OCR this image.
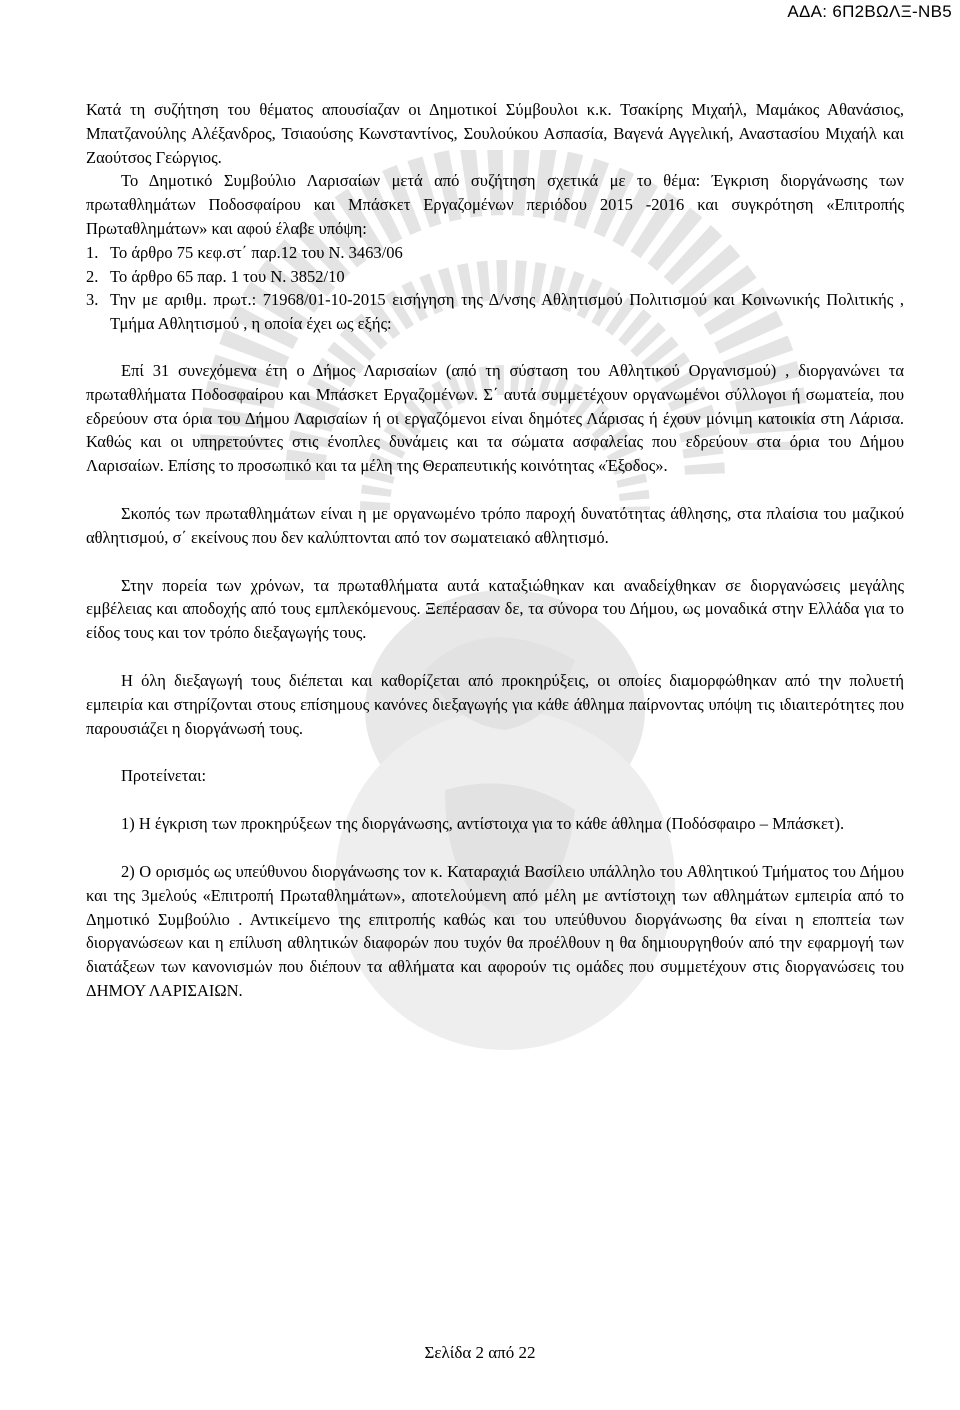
ΑΔΑ: 6Π2ΒΩΛΞ-ΝΒ5

Κατά τη συζήτηση του θέματος απουσίαζαν οι Δημοτικοί Σύμβουλοι κ.κ. Τσακίρης Μιχαήλ, Μαμάκος Αθανάσιος, Μπατζανούλης Αλέξανδρος, Τσιαούσης Κωνσταντίνος, Σουλούκου Ασπασία, Βαγενά Αγγελική, Αναστασίου Μιχαήλ και Ζαούτσος Γεώργιος.

Το Δημοτικό Συμβούλιο Λαρισαίων μετά από συζήτηση σχετικά με το θέμα: Έγκριση διοργάνωσης των πρωταθλημάτων Ποδοσφαίρου και Μπάσκετ Εργαζομένων περιόδου 2015 -2016 και συγκρότηση «Επιτροπής Πρωταθλημάτων» και αφού έλαβε υπόψη:

1. Το άρθρο 75 κεφ.στ΄ παρ.12 του Ν. 3463/06
2. Το άρθρο 65 παρ. 1 του Ν. 3852/10
3. Την με αριθμ. πρωτ.: 71968/01-10-2015 εισήγηση της Δ/νσης Αθλητισμού Πολιτισμού και Κοινωνικής Πολιτικής , Τμήμα Αθλητισμού , η οποία έχει ως εξής:

Επί 31 συνεχόμενα έτη ο Δήμος Λαρισαίων (από τη σύσταση του Αθλητικού Οργανισμού) , διοργανώνει τα πρωταθλήματα Ποδοσφαίρου και Μπάσκετ Εργαζομένων. Σ΄ αυτά συμμετέχουν οργανωμένοι σύλλογοι ή σωματεία, που εδρεύουν στα όρια του Δήμου Λαρισαίων ή οι εργαζόμενοι είναι δημότες Λάρισας ή έχουν μόνιμη κατοικία στη Λάρισα. Καθώς και οι υπηρετούντες στις ένοπλες δυνάμεις και τα σώματα ασφαλείας που εδρεύουν στα όρια του Δήμου Λαρισαίων. Επίσης το προσωπικό και τα μέλη της Θεραπευτικής κοινότητας «Έξοδος».

Σκοπός των πρωταθλημάτων είναι η με οργανωμένο τρόπο παροχή δυνατότητας άθλησης, στα πλαίσια του μαζικού αθλητισμού, σ΄ εκείνους που δεν καλύπτονται από τον σωματειακό αθλητισμό.

Στην πορεία των χρόνων, τα πρωταθλήματα αυτά καταξιώθηκαν και αναδείχθηκαν σε διοργανώσεις μεγάλης εμβέλειας και αποδοχής από τους εμπλεκόμενους. Ξεπέρασαν δε, τα σύνορα του Δήμου, ως μοναδικά στην Ελλάδα για το είδος τους και τον τρόπο διεξαγωγής τους.

Η όλη διεξαγωγή τους διέπεται και καθορίζεται από προκηρύξεις, οι οποίες διαμορφώθηκαν από την πολυετή εμπειρία και στηρίζονται στους επίσημους κανόνες διεξαγωγής για κάθε άθλημα παίρνοντας υπόψη τις ιδιαιτερότητες που παρουσιάζει η διοργάνωσή τους.

Προτείνεται:

1) Η έγκριση των προκηρύξεων της διοργάνωσης, αντίστοιχα για το κάθε άθλημα (Ποδόσφαιρο – Μπάσκετ).

2) Ο ορισμός ως υπεύθυνου διοργάνωσης τον κ. Καταραχιά Βασίλειο υπάλληλο του Αθλητικού Τμήματος του Δήμου και της 3μελούς «Επιτροπή Πρωταθλημάτων», αποτελούμενη από μέλη με αντίστοιχη των αθλημάτων εμπειρία από το Δημοτικό Συμβούλιο . Αντικείμενο της επιτροπής καθώς και του υπεύθυνου διοργάνωσης θα είναι η εποπτεία των διοργανώσεων και η επίλυση αθλητικών διαφορών που τυχόν θα προέλθουν η θα δημιουργηθούν από την εφαρμογή των διατάξεων των κανονισμών που διέπουν τα αθλήματα και αφορούν τις ομάδες που συμμετέχουν στις διοργανώσεις του ΔΗΜΟΥ ΛΑΡΙΣΑΙΩΝ.

Σελίδα 2 από 22
